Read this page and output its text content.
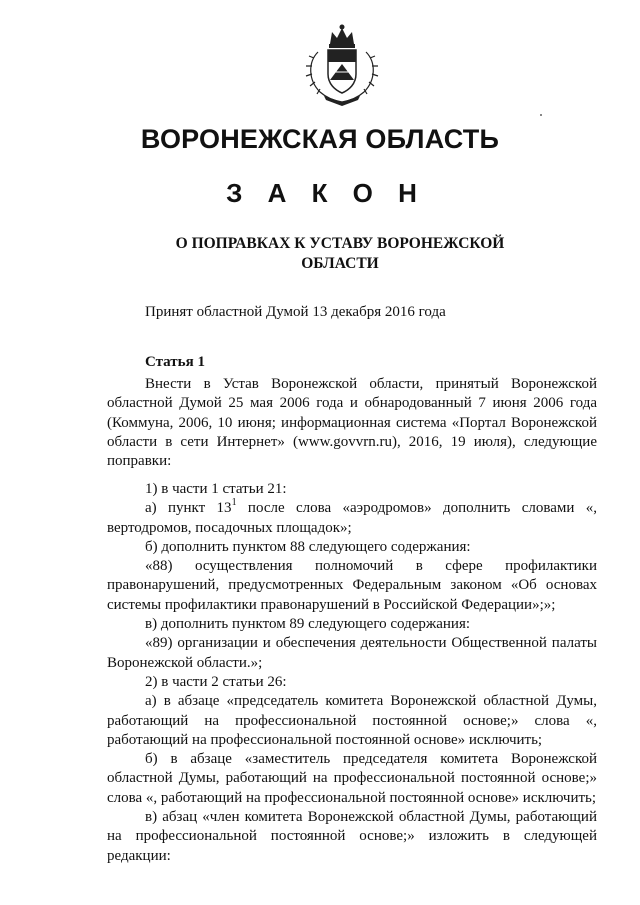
ВОРОНЕЖСКАЯ ОБЛАСТЬ
З А К О Н
О ПОПРАВКАХ К УСТАВУ ВОРОНЕЖСКОЙ ОБЛАСТИ

Принят областной Думой 13 декабря 2016 года

Статья 1

Внести в Устав Воронежской области, принятый Воронежской областной Думой 25 мая 2006 года и обнародованный 7 июня 2006 года (Коммуна, 2006, 10 июня; информационная система «Портал Воронежской области в сети Интернет» (www.govvrn.ru), 2016, 19 июля), следующие поправки:

1) в части 1 статьи 21:

а) пункт $13^1$ после слова «аэродромов» дополнить словами «, вертодромов, посадочных площадок»;

б) дополнить пунктом 88 следующего содержания:

«88) осуществления полномочий в сфере профилактики правонарушений, предусмотренных Федеральным законом «Об основах системы профилактики правонарушений в Российской Федерации»;»;

в) дополнить пунктом 89 следующего содержания:

«89) организации и обеспечения деятельности Общественной палаты Воронежской области.»;

2) в части 2 статьи 26:

а) в абзаце «председатель комитета Воронежской областной Думы, работающий на профессиональной постоянной основе;» слова «, работающий на профессиональной постоянной основе» исключить;

б) в абзаце «заместитель председателя комитета Воронежской областной Думы, работающий на профессиональной постоянной основе;» слова «, работающий на профессиональной постоянной основе» исключить;

в) абзац «член комитета Воронежской областной Думы, работающий на профессиональной постоянной основе;» изложить в следующей редакции:
